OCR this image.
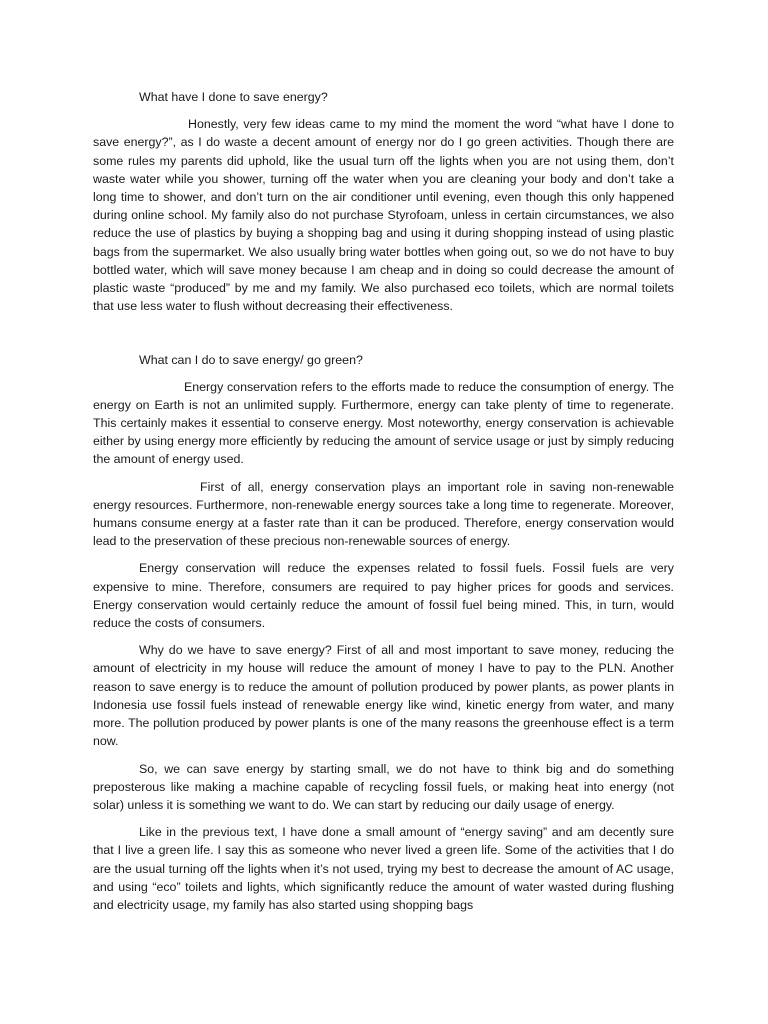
What have I done to save energy?

Honestly, very few ideas came to my mind the moment the word “what have I done to save energy?”, as I do waste a decent amount of energy nor do I go green activities. Though there are some rules my parents did uphold, like the usual turn off the lights when you are not using them, don’t waste water while you shower, turning off the water when you are cleaning your body and don’t take a long time to shower, and don’t turn on the air conditioner until evening, even though this only happened during online school. My family also do not purchase Styrofoam, unless in certain circumstances, we also reduce the use of plastics by buying a shopping bag and using it during shopping instead of using plastic bags from the supermarket. We also usually bring water bottles when going out, so we do not have to buy bottled water, which will save money because I am cheap and in doing so could decrease the amount of plastic waste “produced” by me and my family. We also purchased eco toilets, which are normal toilets that use less water to flush without decreasing their effectiveness.

What can I do to save energy/ go green?

Energy conservation refers to the efforts made to reduce the consumption of energy. The energy on Earth is not an unlimited supply. Furthermore, energy can take plenty of time to regenerate. This certainly makes it essential to conserve energy. Most noteworthy, energy conservation is achievable either by using energy more efficiently by reducing the amount of service usage or just by simply reducing the amount of energy used.

First of all, energy conservation plays an important role in saving non-renewable energy resources. Furthermore, non-renewable energy sources take a long time to regenerate. Moreover, humans consume energy at a faster rate than it can be produced. Therefore, energy conservation would lead to the preservation of these precious non-renewable sources of energy.

Energy conservation will reduce the expenses related to fossil fuels. Fossil fuels are very expensive to mine. Therefore, consumers are required to pay higher prices for goods and services. Energy conservation would certainly reduce the amount of fossil fuel being mined. This, in turn, would reduce the costs of consumers.

Why do we have to save energy? First of all and most important to save money, reducing the amount of electricity in my house will reduce the amount of money I have to pay to the PLN. Another reason to save energy is to reduce the amount of pollution produced by power plants, as power plants in Indonesia use fossil fuels instead of renewable energy like wind, kinetic energy from water, and many more. The pollution produced by power plants is one of the many reasons the greenhouse effect is a term now.

So, we can save energy by starting small, we do not have to think big and do something preposterous like making a machine capable of recycling fossil fuels, or making heat into energy (not solar) unless it is something we want to do. We can start by reducing our daily usage of energy.

Like in the previous text, I have done a small amount of “energy saving” and am decently sure that I live a green life. I say this as someone who never lived a green life. Some of the activities that I do are the usual turning off the lights when it’s not used, trying my best to decrease the amount of AC usage, and using “eco” toilets and lights, which significantly reduce the amount of water wasted during flushing and electricity usage, my family has also started using shopping bags
